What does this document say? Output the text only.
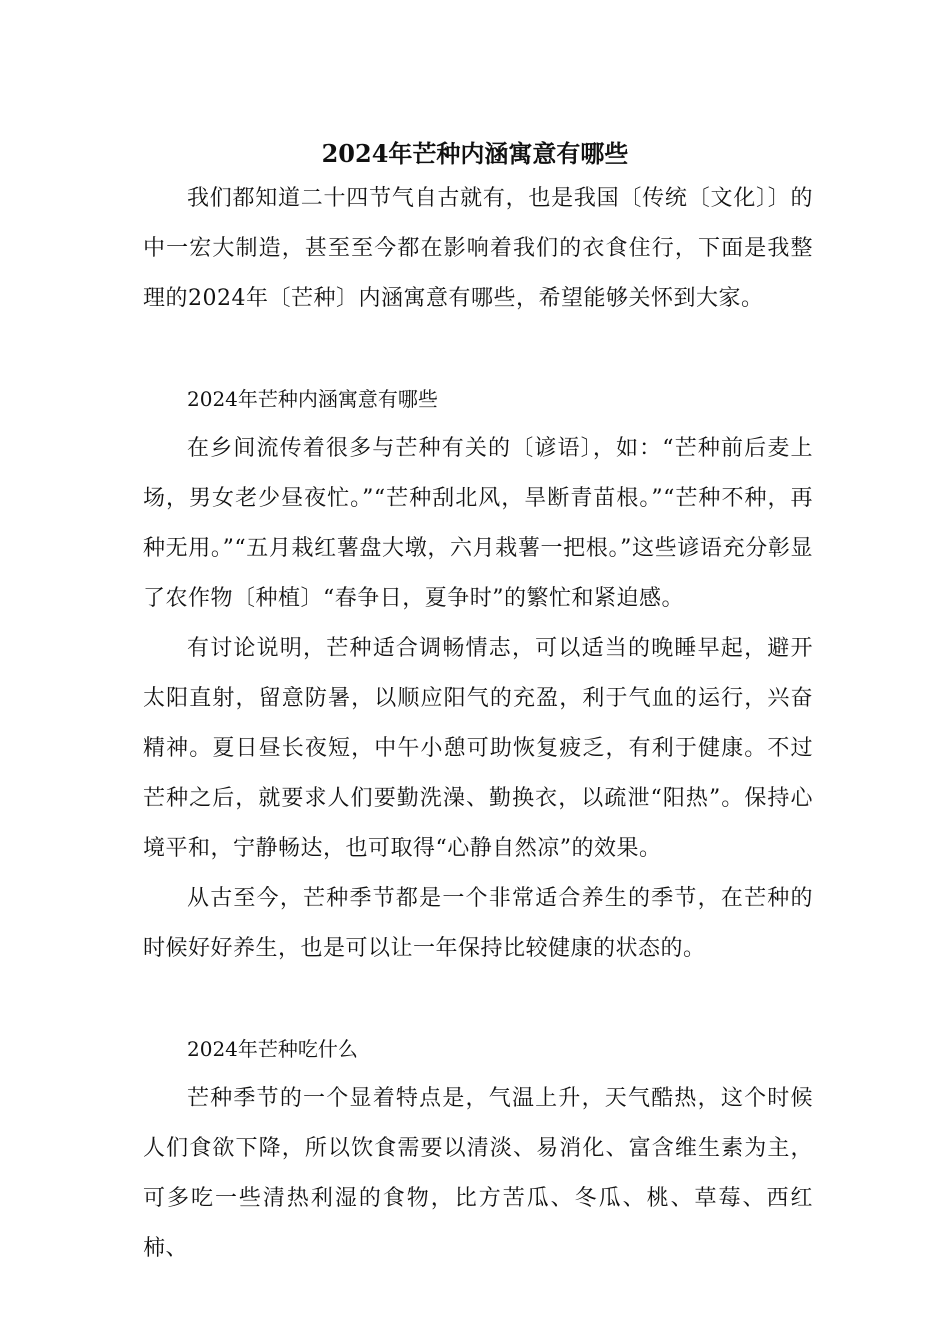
2024年芒种内涵寓意有哪些

我们都知道二十四节气自古就有，也是我国〔传统〔文化〕〕的中一宏大制造，甚至至今都在影响着我们的衣食住行，下面是我整理的2024年〔芒种〕内涵寓意有哪些，希望能够关怀到大家。

2024年芒种内涵寓意有哪些

在乡间流传着很多与芒种有关的〔谚语〕，如：“芒种前后麦上场，男女老少昼夜忙。”“芒种刮北风，旱断青苗根。”“芒种不种，再种无用。”“五月栽红薯盘大墩，六月栽薯一把根。”这些谚语充分彰显了农作物〔种植〕“春争日，夏争时”的繁忙和紧迫感。

有讨论说明，芒种适合调畅情志，可以适当的晚睡早起，避开太阳直射，留意防暑，以顺应阳气的充盈，利于气血的运行，兴奋精神。夏日昼长夜短，中午小憩可助恢复疲乏，有利于健康。不过芒种之后，就要求人们要勤洗澡、勤换衣，以疏泄“阳热”。保持心境平和，宁静畅达，也可取得“心静自然凉”的效果。

从古至今，芒种季节都是一个非常适合养生的季节，在芒种的时候好好养生，也是可以让一年保持比较健康的状态的。

2024年芒种吃什么

芒种季节的一个显着特点是，气温上升，天气酷热，这个时候人们食欲下降，所以饮食需要以清淡、易消化、富含维生素为主，可多吃一些清热利湿的食物，比方苦瓜、冬瓜、桃、草莓、西红柿、
